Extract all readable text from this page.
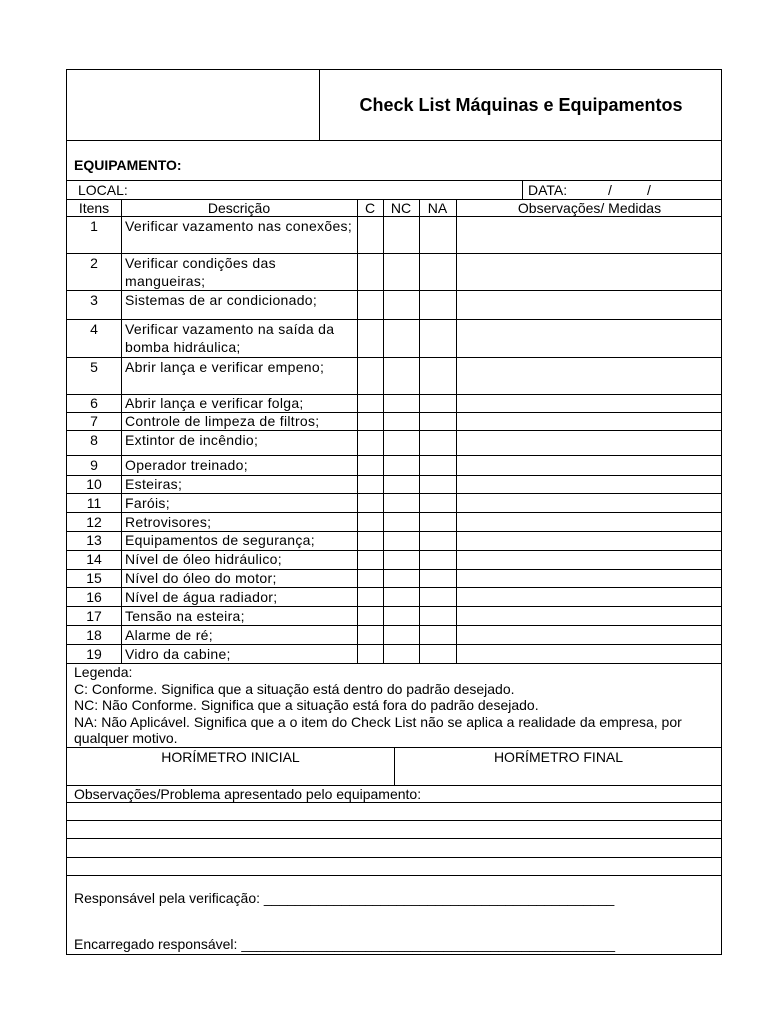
Check List Máquinas e Equipamentos
EQUIPAMENTO:
LOCAL:	DATA:	/	/
Itens	Descrição	C	NC	NA	Observações/ Medidas
1	Verificar vazamento nas conexões;
2	Verificar condições das mangueiras;
3	Sistemas de ar condicionado;
4	Verificar vazamento na saída da bomba hidráulica;
5	Abrir lança e verificar empeno;
6	Abrir lança e verificar folga;
7	Controle de limpeza de filtros;
8	Extintor de incêndio;
9	Operador treinado;
10	Esteiras;
11	Faróis;
12	Retrovisores;
13	Equipamentos de segurança;
14	Nível de óleo hidráulico;
15	Nível do óleo do motor;
16	Nível de água radiador;
17	Tensão na esteira;
18	Alarme de ré;
19	Vidro da cabine;
Legenda:
C: Conforme. Significa que a situação está dentro do padrão desejado.
NC: Não Conforme. Significa que a situação está fora do padrão desejado.
NA: Não Aplicável. Significa que a o item do Check List não se aplica a realidade da empresa, por qualquer motivo.
HORÍMETRO INICIAL	HORÍMETRO FINAL
Observações/Problema apresentado pelo equipamento:
Responsável pela verificação: _____________________________________________
Encarregado responsável: ________________________________________________
